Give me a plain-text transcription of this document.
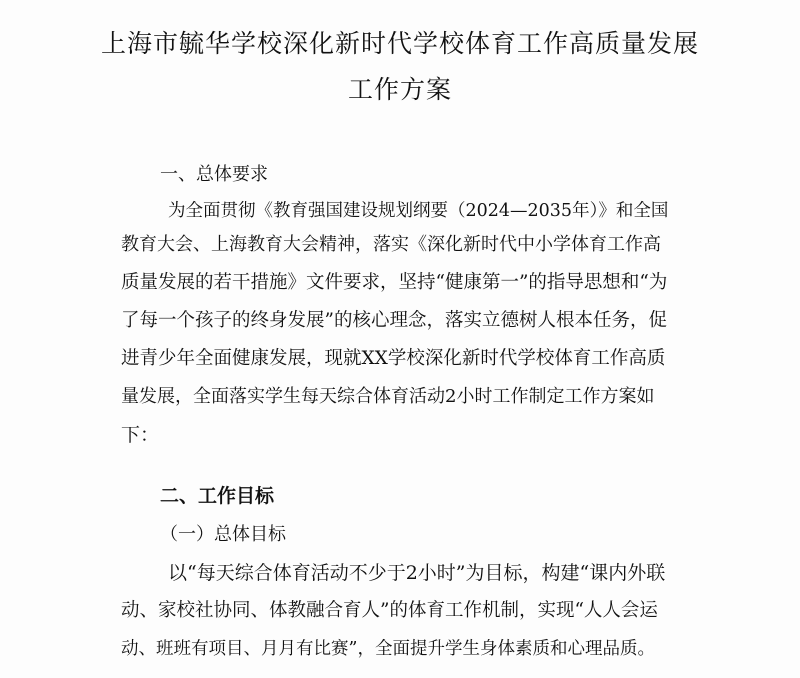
上海市毓华学校深化新时代学校体育工作高质量发展
工作方案
一、总体要求
为全面贯彻《教育强国建设规划纲要（2024—2035年）》和全国
教育大会、上海教育大会精神，落实《深化新时代中小学体育工作高
质量发展的若干措施》文件要求，坚持“健康第一”的指导思想和“为
了每一个孩子的终身发展”的核心理念，落实立德树人根本任务，促
进青少年全面健康发展，现就XX学校深化新时代学校体育工作高质
量发展，全面落实学生每天综合体育活动2小时工作制定工作方案如
下：
二、工作目标
（一）总体目标
以“每天综合体育活动不少于2小时”为目标，构建“课内外联
动、家校社协同、体教融合育人”的体育工作机制，实现“人人会运
动、班班有项目、月月有比赛”，全面提升学生身体素质和心理品质。
